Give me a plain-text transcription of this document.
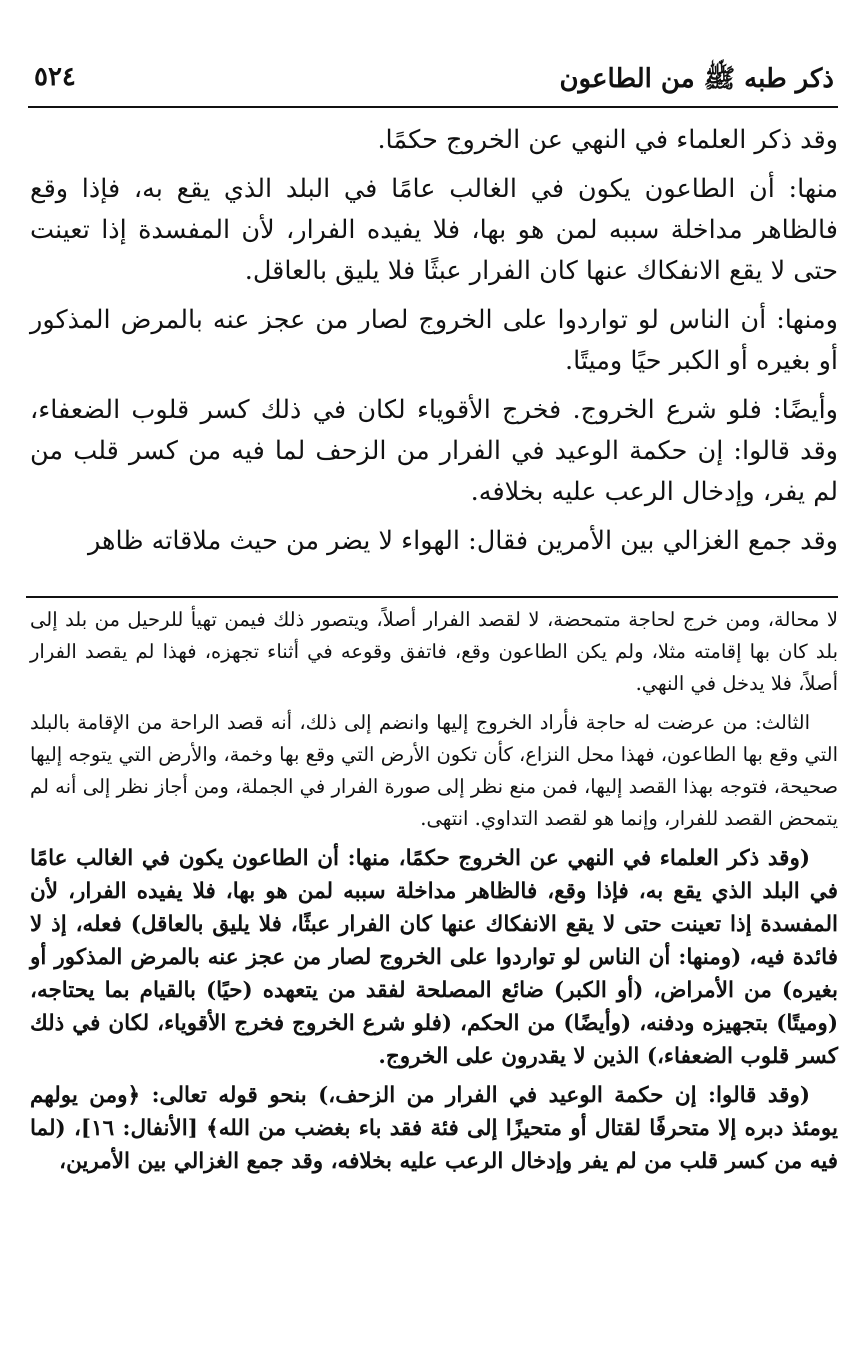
ذكر طبه ﷺ من الطاعون
٥٢٤

وقد ذكر العلماء في النهي عن الخروج حكمًا.

منها: أن الطاعون يكون في الغالب عامًا في البلد الذي يقع به، فإذا وقع فالظاهر مداخلة سببه لمن هو بها، فلا يفيده الفرار، لأن المفسدة إذا تعينت حتى لا يقع الانفكاك عنها كان الفرار عبثًا فلا يليق بالعاقل.

ومنها: أن الناس لو تواردوا على الخروج لصار من عجز عنه بالمرض المذكور أو بغيره أو الكبر حيًا وميتًا.

وأيضًا: فلو شرع الخروج. فخرج الأقوياء لكان في ذلك كسر قلوب الضعفاء، وقد قالوا: إن حكمة الوعيد في الفرار من الزحف لما فيه من كسر قلب من لم يفر، وإدخال الرعب عليه بخلافه.

وقد جمع الغزالي بين الأمرين فقال: الهواء لا يضر من حيث ملاقاته ظاهر

لا محالة، ومن خرج لحاجة متمحضة، لا لقصد الفرار أصلاً، ويتصور ذلك فيمن تهيأ للرحيل من بلد إلى بلد كان بها إقامته مثلا، ولم يكن الطاعون وقع، فاتفق وقوعه في أثناء تجهزه، فهذا لم يقصد الفرار أصلاً، فلا يدخل في النهي.

الثالث: من عرضت له حاجة فأراد الخروج إليها وانضم إلى ذلك، أنه قصد الراحة من الإقامة بالبلد التي وقع بها الطاعون، فهذا محل النزاع، كأن تكون الأرض التي وقع بها وخمة، والأرض التي يتوجه إليها صحيحة، فتوجه بهذا القصد إليها، فمن منع نظر إلى صورة الفرار في الجملة، ومن أجاز نظر إلى أنه لم يتمحض القصد للفرار، وإنما هو لقصد التداوي. انتهى.

(وقد ذكر العلماء في النهي عن الخروج حكمًا، منها: أن الطاعون يكون في الغالب عامًا في البلد الذي يقع به، فإذا وقع، فالظاهر مداخلة سببه لمن هو بها، فلا يفيده الفرار، لأن المفسدة إذا تعينت حتى لا يقع الانفكاك عنها كان الفرار عبثًا، فلا يليق بالعاقل) فعله، إذ لا فائدة فيه، (ومنها: أن الناس لو تواردوا على الخروج لصار من عجز عنه بالمرض المذكور أو بغيره) من الأمراض، (أو الكبر) ضائع المصلحة لفقد من يتعهده (حيًا) بالقيام بما يحتاجه، (وميتًا) بتجهيزه ودفنه، (وأيضًا) من الحكم، (فلو شرع الخروج فخرج الأقوياء، لكان في ذلك كسر قلوب الضعفاء،) الذين لا يقدرون على الخروج.

(وقد قالوا: إن حكمة الوعيد في الفرار من الزحف،) بنحو قوله تعالى: ﴿ومن يولهم يومئذ دبره إلا متحرفًا لقتال أو متحيزًا إلى فئة فقد باء بغضب من الله﴾ [الأنفال: ١٦]، (لما فيه من كسر قلب من لم يفر وإدخال الرعب عليه بخلافه، وقد جمع الغزالي بين الأمرين،
